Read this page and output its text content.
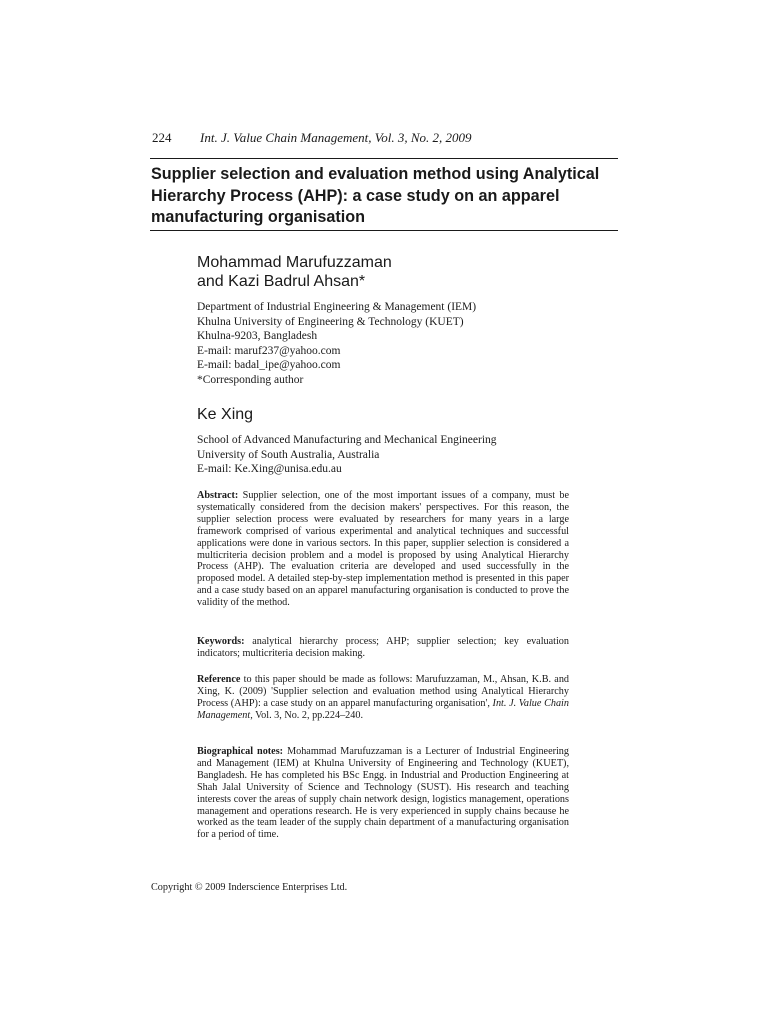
224 Int. J. Value Chain Management, Vol. 3, No. 2, 2009
Supplier selection and evaluation method using Analytical Hierarchy Process (AHP): a case study on an apparel manufacturing organisation
Mohammad Marufuzzaman
and Kazi Badrul Ahsan*
Department of Industrial Engineering & Management (IEM)
Khulna University of Engineering & Technology (KUET)
Khulna-9203, Bangladesh
E-mail: maruf237@yahoo.com
E-mail: badal_ipe@yahoo.com
*Corresponding author
Ke Xing
School of Advanced Manufacturing and Mechanical Engineering
University of South Australia, Australia
E-mail: Ke.Xing@unisa.edu.au

Abstract: Supplier selection, one of the most important issues of a company, must be systematically considered from the decision makers' perspectives. For this reason, the supplier selection process were evaluated by researchers for many years in a large framework comprised of various experimental and analytical techniques and successful applications were done in various sectors. In this paper, supplier selection is considered a multicriteria decision problem and a model is proposed by using Analytical Hierarchy Process (AHP). The evaluation criteria are developed and used successfully in the proposed model. A detailed step-by-step implementation method is presented in this paper and a case study based on an apparel manufacturing organisation is conducted to prove the validity of the method.

Keywords: analytical hierarchy process; AHP; supplier selection; key evaluation indicators; multicriteria decision making.

Reference to this paper should be made as follows: Marufuzzaman, M., Ahsan, K.B. and Xing, K. (2009) 'Supplier selection and evaluation method using Analytical Hierarchy Process (AHP): a case study on an apparel manufacturing organisation', Int. J. Value Chain Management, Vol. 3, No. 2, pp.224–240.

Biographical notes: Mohammad Marufuzzaman is a Lecturer of Industrial Engineering and Management (IEM) at Khulna University of Engineering and Technology (KUET), Bangladesh. He has completed his BSc Engg. in Industrial and Production Engineering at Shah Jalal University of Science and Technology (SUST). His research and teaching interests cover the areas of supply chain network design, logistics management, operations management and operations research. He is very experienced in supply chains because he worked as the team leader of the supply chain department of a manufacturing organisation for a period of time.

Copyright © 2009 Inderscience Enterprises Ltd.
